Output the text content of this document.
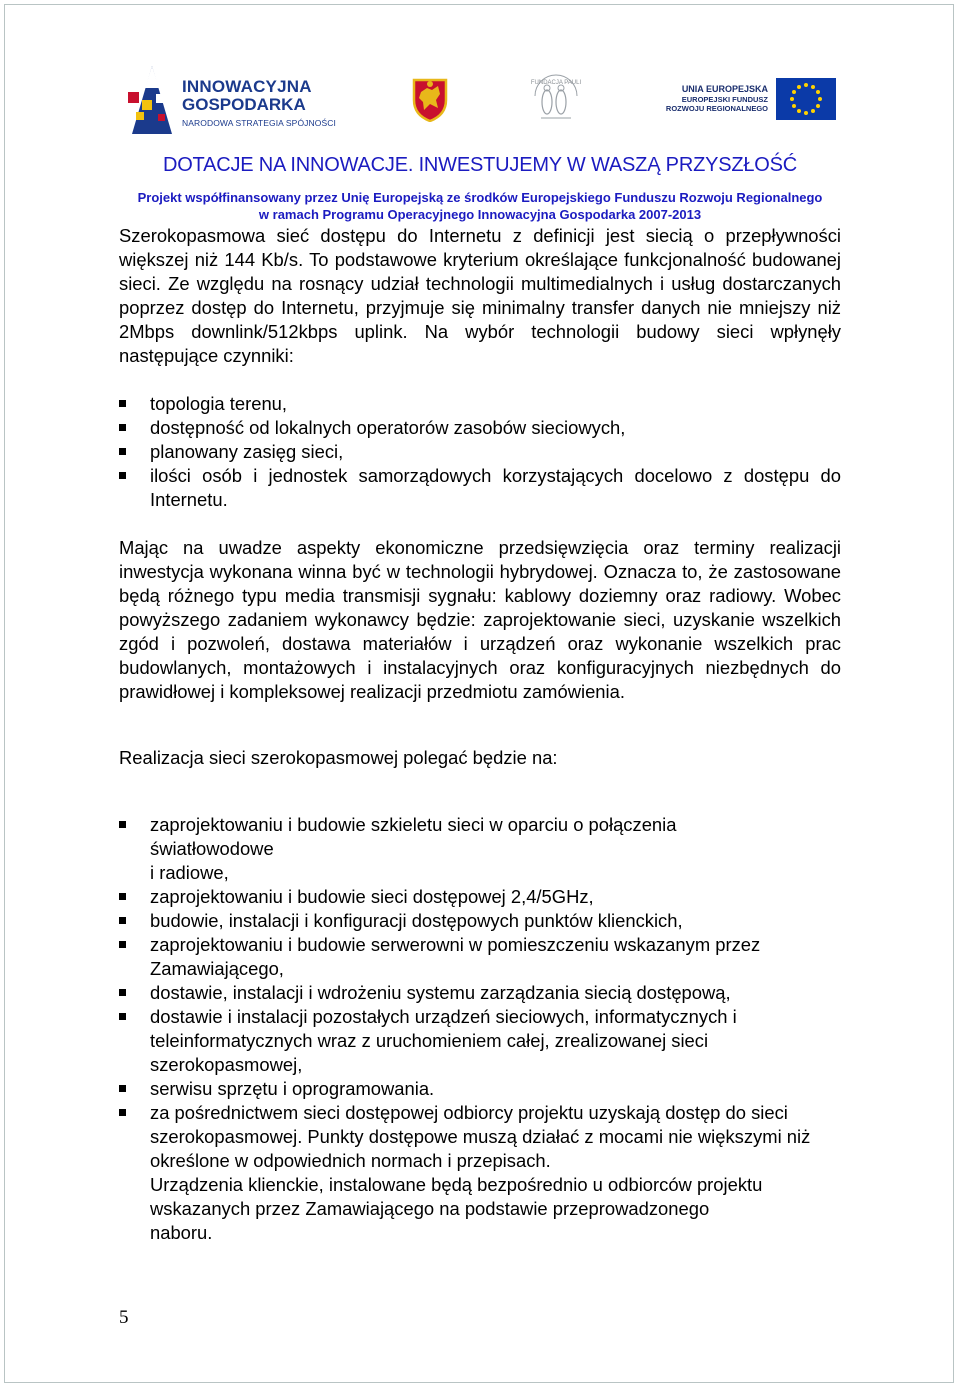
INNOWACYJNA
GOSPODARKA
NARODOWA STRATEGIA SPÓJNOŚCI
FUNDACJA PAULI
UNIA EUROPEJSKA
EUROPEJSKI FUNDUSZ
ROZWOJU REGIONALNEGO
DOTACJE NA INNOWACJE. INWESTUJEMY W WASZĄ PRZYSZŁOŚĆ
Projekt współfinansowany przez Unię Europejską ze środków Europejskiego Funduszu Rozwoju Regionalnego
w ramach Programu Operacyjnego Innowacyjna Gospodarka 2007-2013

Szerokopasmowa sieć dostępu do Internetu z definicji jest siecią o przepływności większej niż 144 Kb/s. To podstawowe kryterium określające funkcjonalność budowanej sieci. Ze względu na rosnący udział technologii multimedialnych i usług dostarczanych poprzez dostęp do Internetu, przyjmuje się minimalny transfer danych nie mniejszy niż 2Mbps downlink/512kbps uplink. Na wybór technologii budowy sieci wpłynęły następujące czynniki:

topologia terenu,
dostępność od lokalnych operatorów zasobów sieciowych,
planowany zasięg sieci,
ilości osób i jednostek samorządowych korzystających docelowo z dostępu do Internetu.

Mając na uwadze aspekty ekonomiczne przedsięwzięcia oraz terminy realizacji inwestycja wykonana winna być w technologii hybrydowej. Oznacza to, że zastosowane będą różnego typu media transmisji sygnału: kablowy doziemny oraz radiowy. Wobec powyższego zadaniem wykonawcy będzie: zaprojektowanie sieci, uzyskanie wszelkich zgód i pozwoleń, dostawa materiałów i urządzeń oraz wykonanie wszelkich prac budowlanych, montażowych i instalacyjnych oraz konfiguracyjnych niezbędnych do prawidłowej i kompleksowej realizacji przedmiotu zamówienia.

Realizacja sieci szerokopasmowej polegać będzie na:

zaprojektowaniu i budowie szkieletu sieci w oparciu o połączenia światłowodowe
i radiowe,
zaprojektowaniu i budowie sieci dostępowej 2,4/5GHz,
budowie, instalacji i konfiguracji dostępowych punktów klienckich,
zaprojektowaniu i budowie serwerowni w pomieszczeniu wskazanym przez Zamawiającego,
dostawie, instalacji i wdrożeniu systemu zarządzania siecią dostępową,
dostawie i instalacji pozostałych urządzeń sieciowych, informatycznych i teleinformatycznych wraz z uruchomieniem całej, zrealizowanej sieci szerokopasmowej,
serwisu sprzętu i oprogramowania.
za pośrednictwem sieci dostępowej odbiorcy projektu uzyskają dostęp do sieci szerokopasmowej. Punkty dostępowe muszą działać z mocami nie większymi niż określone w odpowiednich normach i przepisach.
Urządzenia klienckie, instalowane będą bezpośrednio u odbiorców projektu wskazanych przez Zamawiającego na podstawie przeprowadzonego naboru.
5
